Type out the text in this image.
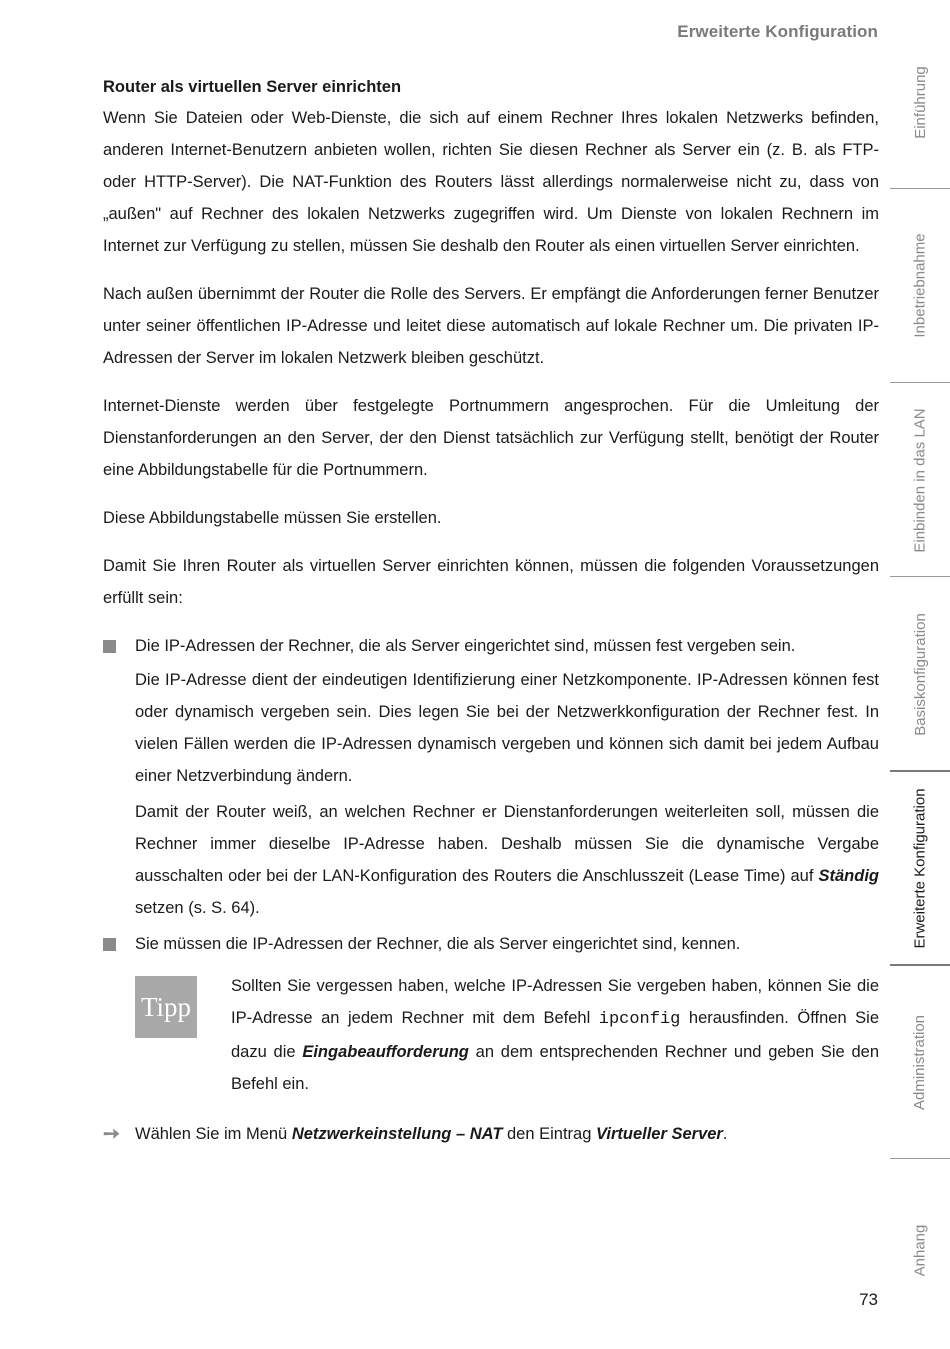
Erweiterte Konfiguration
Router als virtuellen Server einrichten

Wenn Sie Dateien oder Web-Dienste, die sich auf einem Rechner Ihres lokalen Netzwerks befinden, anderen Internet-Benutzern anbieten wollen, richten Sie diesen Rechner als Server ein (z. B. als FTP- oder HTTP-Server). Die NAT-Funktion des Routers lässt allerdings normalerweise nicht zu, dass von „außen" auf Rechner des lokalen Netzwerks zugegriffen wird. Um Dienste von lokalen Rechnern im Internet zur Verfügung zu stellen, müssen Sie deshalb den Router als einen virtuellen Server einrichten.

Nach außen übernimmt der Router die Rolle des Servers. Er empfängt die Anforderungen ferner Benutzer unter seiner öffentlichen IP-Adresse und leitet diese automatisch auf lokale Rechner um. Die privaten IP-Adressen der Server im lokalen Netzwerk bleiben geschützt.

Internet-Dienste werden über festgelegte Portnummern angesprochen. Für die Umleitung der Dienstanforderungen an den Server, der den Dienst tatsächlich zur Verfügung stellt, benötigt der Router eine Abbildungstabelle für die Portnummern.

Diese Abbildungstabelle müssen Sie erstellen.

Damit Sie Ihren Router als virtuellen Server einrichten können, müssen die folgenden Voraussetzungen erfüllt sein:

Die IP-Adressen der Rechner, die als Server eingerichtet sind, müssen fest vergeben sein.

Die IP-Adresse dient der eindeutigen Identifizierung einer Netzkomponente. IP-Adressen können fest oder dynamisch vergeben sein. Dies legen Sie bei der Netzwerkkonfiguration der Rechner fest. In vielen Fällen werden die IP-Adressen dynamisch vergeben und können sich damit bei jedem Aufbau einer Netzverbindung ändern.

Damit der Router weiß, an welchen Rechner er Dienstanforderungen weiterleiten soll, müssen die Rechner immer dieselbe IP-Adresse haben. Deshalb müssen Sie die dynamische Vergabe ausschalten oder bei der LAN-Konfiguration des Routers die Anschlusszeit (Lease Time) auf Ständig setzen (s. S. 64).

Sie müssen die IP-Adressen der Rechner, die als Server eingerichtet sind, kennen.
Tipp

Sollten Sie vergessen haben, welche IP-Adressen Sie vergeben haben, können Sie die IP-Adresse an jedem Rechner mit dem Befehl ipconfig herausfinden. Öffnen Sie dazu die Eingabeaufforderung an dem entsprechenden Rechner und geben Sie den Befehl ein.

➙ Wählen Sie im Menü Netzwerkeinstellung – NAT den Eintrag Virtueller Server.
Einführung
Inbetriebnahme
Einbinden in das LAN
Basiskonfiguration
Erweiterte Konfiguration
Administration
Anhang
73
